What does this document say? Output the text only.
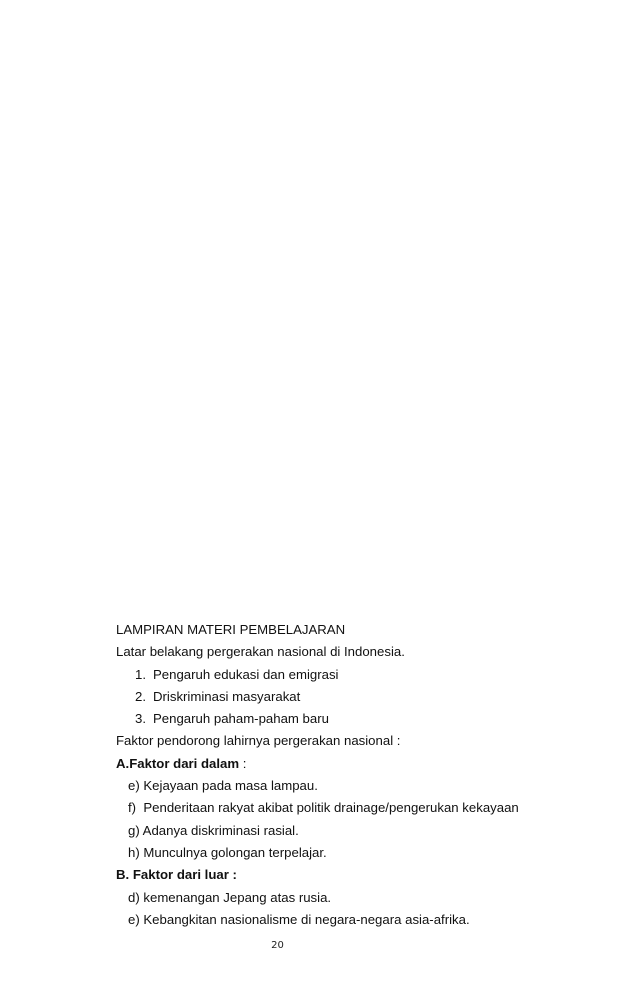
LAMPIRAN MATERI PEMBELAJARAN
Latar belakang pergerakan nasional di Indonesia.
1. Pengaruh edukasi dan emigrasi
2. Driskriminasi masyarakat
3. Pengaruh paham-paham baru
Faktor pendorong lahirnya pergerakan nasional :
A.Faktor dari dalam :
e) Kejayaan pada masa lampau.
f)  Penderitaan rakyat akibat politik drainage/pengerukan kekayaan
g) Adanya diskriminasi rasial.
h) Munculnya golongan terpelajar.
B. Faktor dari luar :
d) kemenangan Jepang atas rusia.
e) Kebangkitan nasionalisme di negara-negara asia-afrika.
20
